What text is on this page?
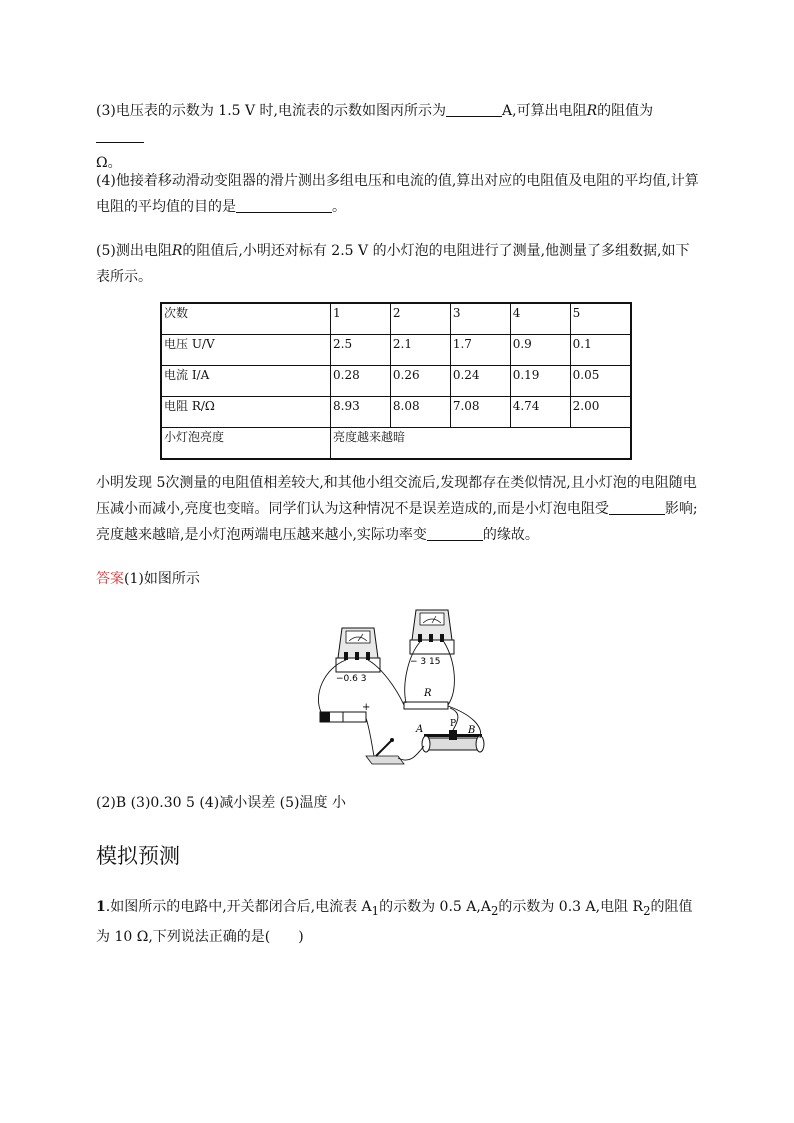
(3)电压表的示数为 1.5 V 时,电流表的示数如图丙所示为	A,可算出电阻R的阻值为
Ω。
(4)他接着移动滑动变阻器的滑片测出多组电压和电流的值,算出对应的电阻值及电阻的平均值,计算电阻的平均值的目的是	。
(5)测出电阻R的阻值后,小明还对标有 2.5 V 的小灯泡的电阻进行了测量,他测量了多组数据,如下表所示。
次数	1	2	3	4	5
电压 U/V	2.5	2.1	1.7	0.9	0.1
电流 I/A	0.28	0.26	0.24	0.19	0.05
电阻 R/Ω	8.93	8.08	7.08	4.74	2.00
小灯泡亮度	亮度越来越暗				
小明发现 5次测量的电阻值相差较大,和其他小组交流后,发现都存在类似情况,且小灯泡的电阻随电压减小而减小,亮度也变暗。同学们认为这种情况不是误差造成的,而是小灯泡电阻受	影响;亮度越来越暗,是小灯泡两端电压越来越小,实际功率变	的缘故。
答案(1)如图所示
−0.6 3
− 3 15
R
+
A	P
B
(2)B (3)0.30 5 (4)减小误差 (5)温度 小
模拟预测
1.如图所示的电路中,开关都闭合后,电流表 $A_1$的示数为 0.5 $A,A_2$的示数为 0.3 A,电阻 $R_2$的阻值为 10 Ω,下列说法正确的是(　　)
